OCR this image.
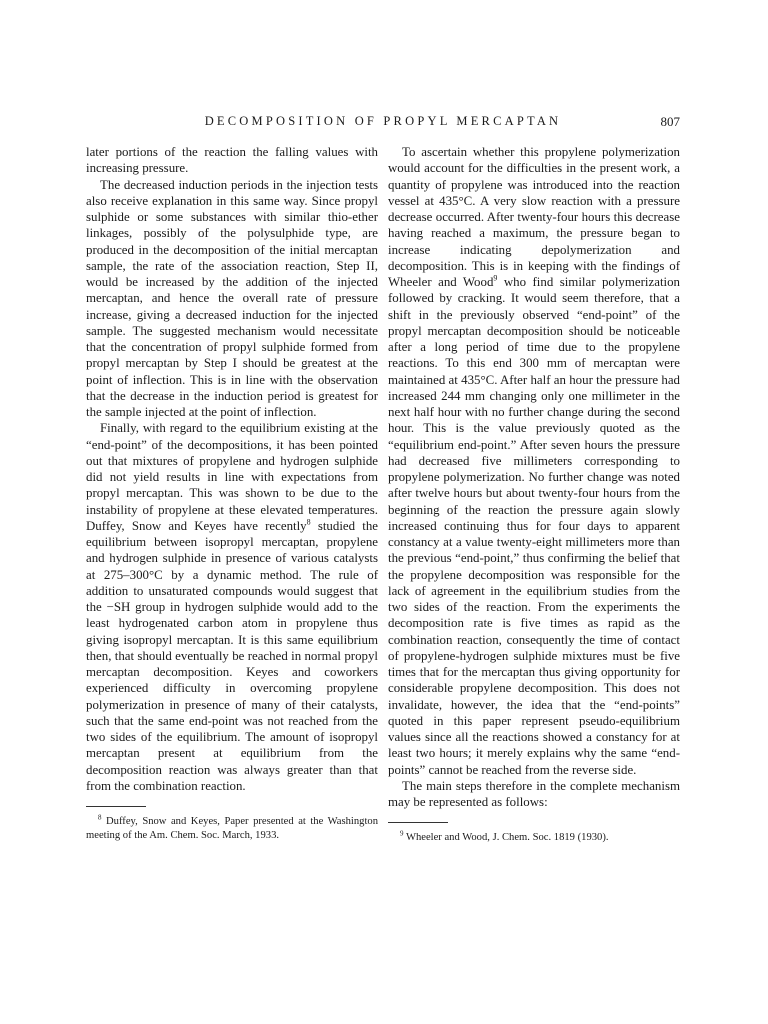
DECOMPOSITION OF PROPYL MERCAPTAN	807

later portions of the reaction the falling values with increasing pressure.

The decreased induction periods in the injection tests also receive explanation in this same way. Since propyl sulphide or some substances with similar thio-ether linkages, possibly of the polysulphide type, are produced in the decomposition of the initial mercaptan sample, the rate of the association reaction, Step II, would be increased by the addition of the injected mercaptan, and hence the overall rate of pressure increase, giving a decreased induction for the injected sample. The suggested mechanism would necessitate that the concentration of propyl sulphide formed from propyl mercaptan by Step I should be greatest at the point of inflection. This is in line with the observation that the decrease in the induction period is greatest for the sample injected at the point of inflection.

Finally, with regard to the equilibrium existing at the “end-point” of the decompositions, it has been pointed out that mixtures of propylene and hydrogen sulphide did not yield results in line with expectations from propyl mercaptan. This was shown to be due to the instability of propylene at these elevated temperatures. Duffey, Snow and Keyes have recently$^8$ studied the equilibrium between isopropyl mercaptan, propylene and hydrogen sulphide in presence of various catalysts at 275–300°C by a dynamic method. The rule of addition to unsaturated compounds would suggest that the −SH group in hydrogen sulphide would add to the least hydrogenated carbon atom in propylene thus giving isopropyl mercaptan. It is this same equilibrium then, that should eventually be reached in normal propyl mercaptan decomposition. Keyes and coworkers experienced difficulty in overcoming propylene polymerization in presence of many of their catalysts, such that the same end-point was not reached from the two sides of the equilibrium. The amount of isopropyl mercaptan present at equilibrium from the decomposition reaction was always greater than that from the combination reaction.

$^8$ Duffey, Snow and Keyes, Paper presented at the Washington meeting of the Am. Chem. Soc. March, 1933.

To ascertain whether this propylene polymerization would account for the difficulties in the present work, a quantity of propylene was introduced into the reaction vessel at 435°C. A very slow reaction with a pressure decrease occurred. After twenty-four hours this decrease having reached a maximum, the pressure began to increase indicating depolymerization and decomposition. This is in keeping with the findings of Wheeler and Wood$^9$ who find similar polymerization followed by cracking. It would seem therefore, that a shift in the previously observed “end-point” of the propyl mercaptan decomposition should be noticeable after a long period of time due to the propylene reactions. To this end 300 mm of mercaptan were maintained at 435°C. After half an hour the pressure had increased 244 mm changing only one millimeter in the next half hour with no further change during the second hour. This is the value previously quoted as the “equilibrium end-point.” After seven hours the pressure had decreased five millimeters corresponding to propylene polymerization. No further change was noted after twelve hours but about twenty-four hours from the beginning of the reaction the pressure again slowly increased continuing thus for four days to apparent constancy at a value twenty-eight millimeters more than the previous “end-point,” thus confirming the belief that the propylene decomposition was responsible for the lack of agreement in the equilibrium studies from the two sides of the reaction. From the experiments the decomposition rate is five times as rapid as the combination reaction, consequently the time of contact of propylene-hydrogen sulphide mixtures must be five times that for the mercaptan thus giving opportunity for considerable propylene decomposition. This does not invalidate, however, the idea that the “end-points” quoted in this paper represent pseudo-equilibrium values since all the reactions showed a constancy for at least two hours; it merely explains why the same “end-points” cannot be reached from the reverse side.

The main steps therefore in the complete mechanism may be represented as follows:

$^9$ Wheeler and Wood, J. Chem. Soc. 1819 (1930).
